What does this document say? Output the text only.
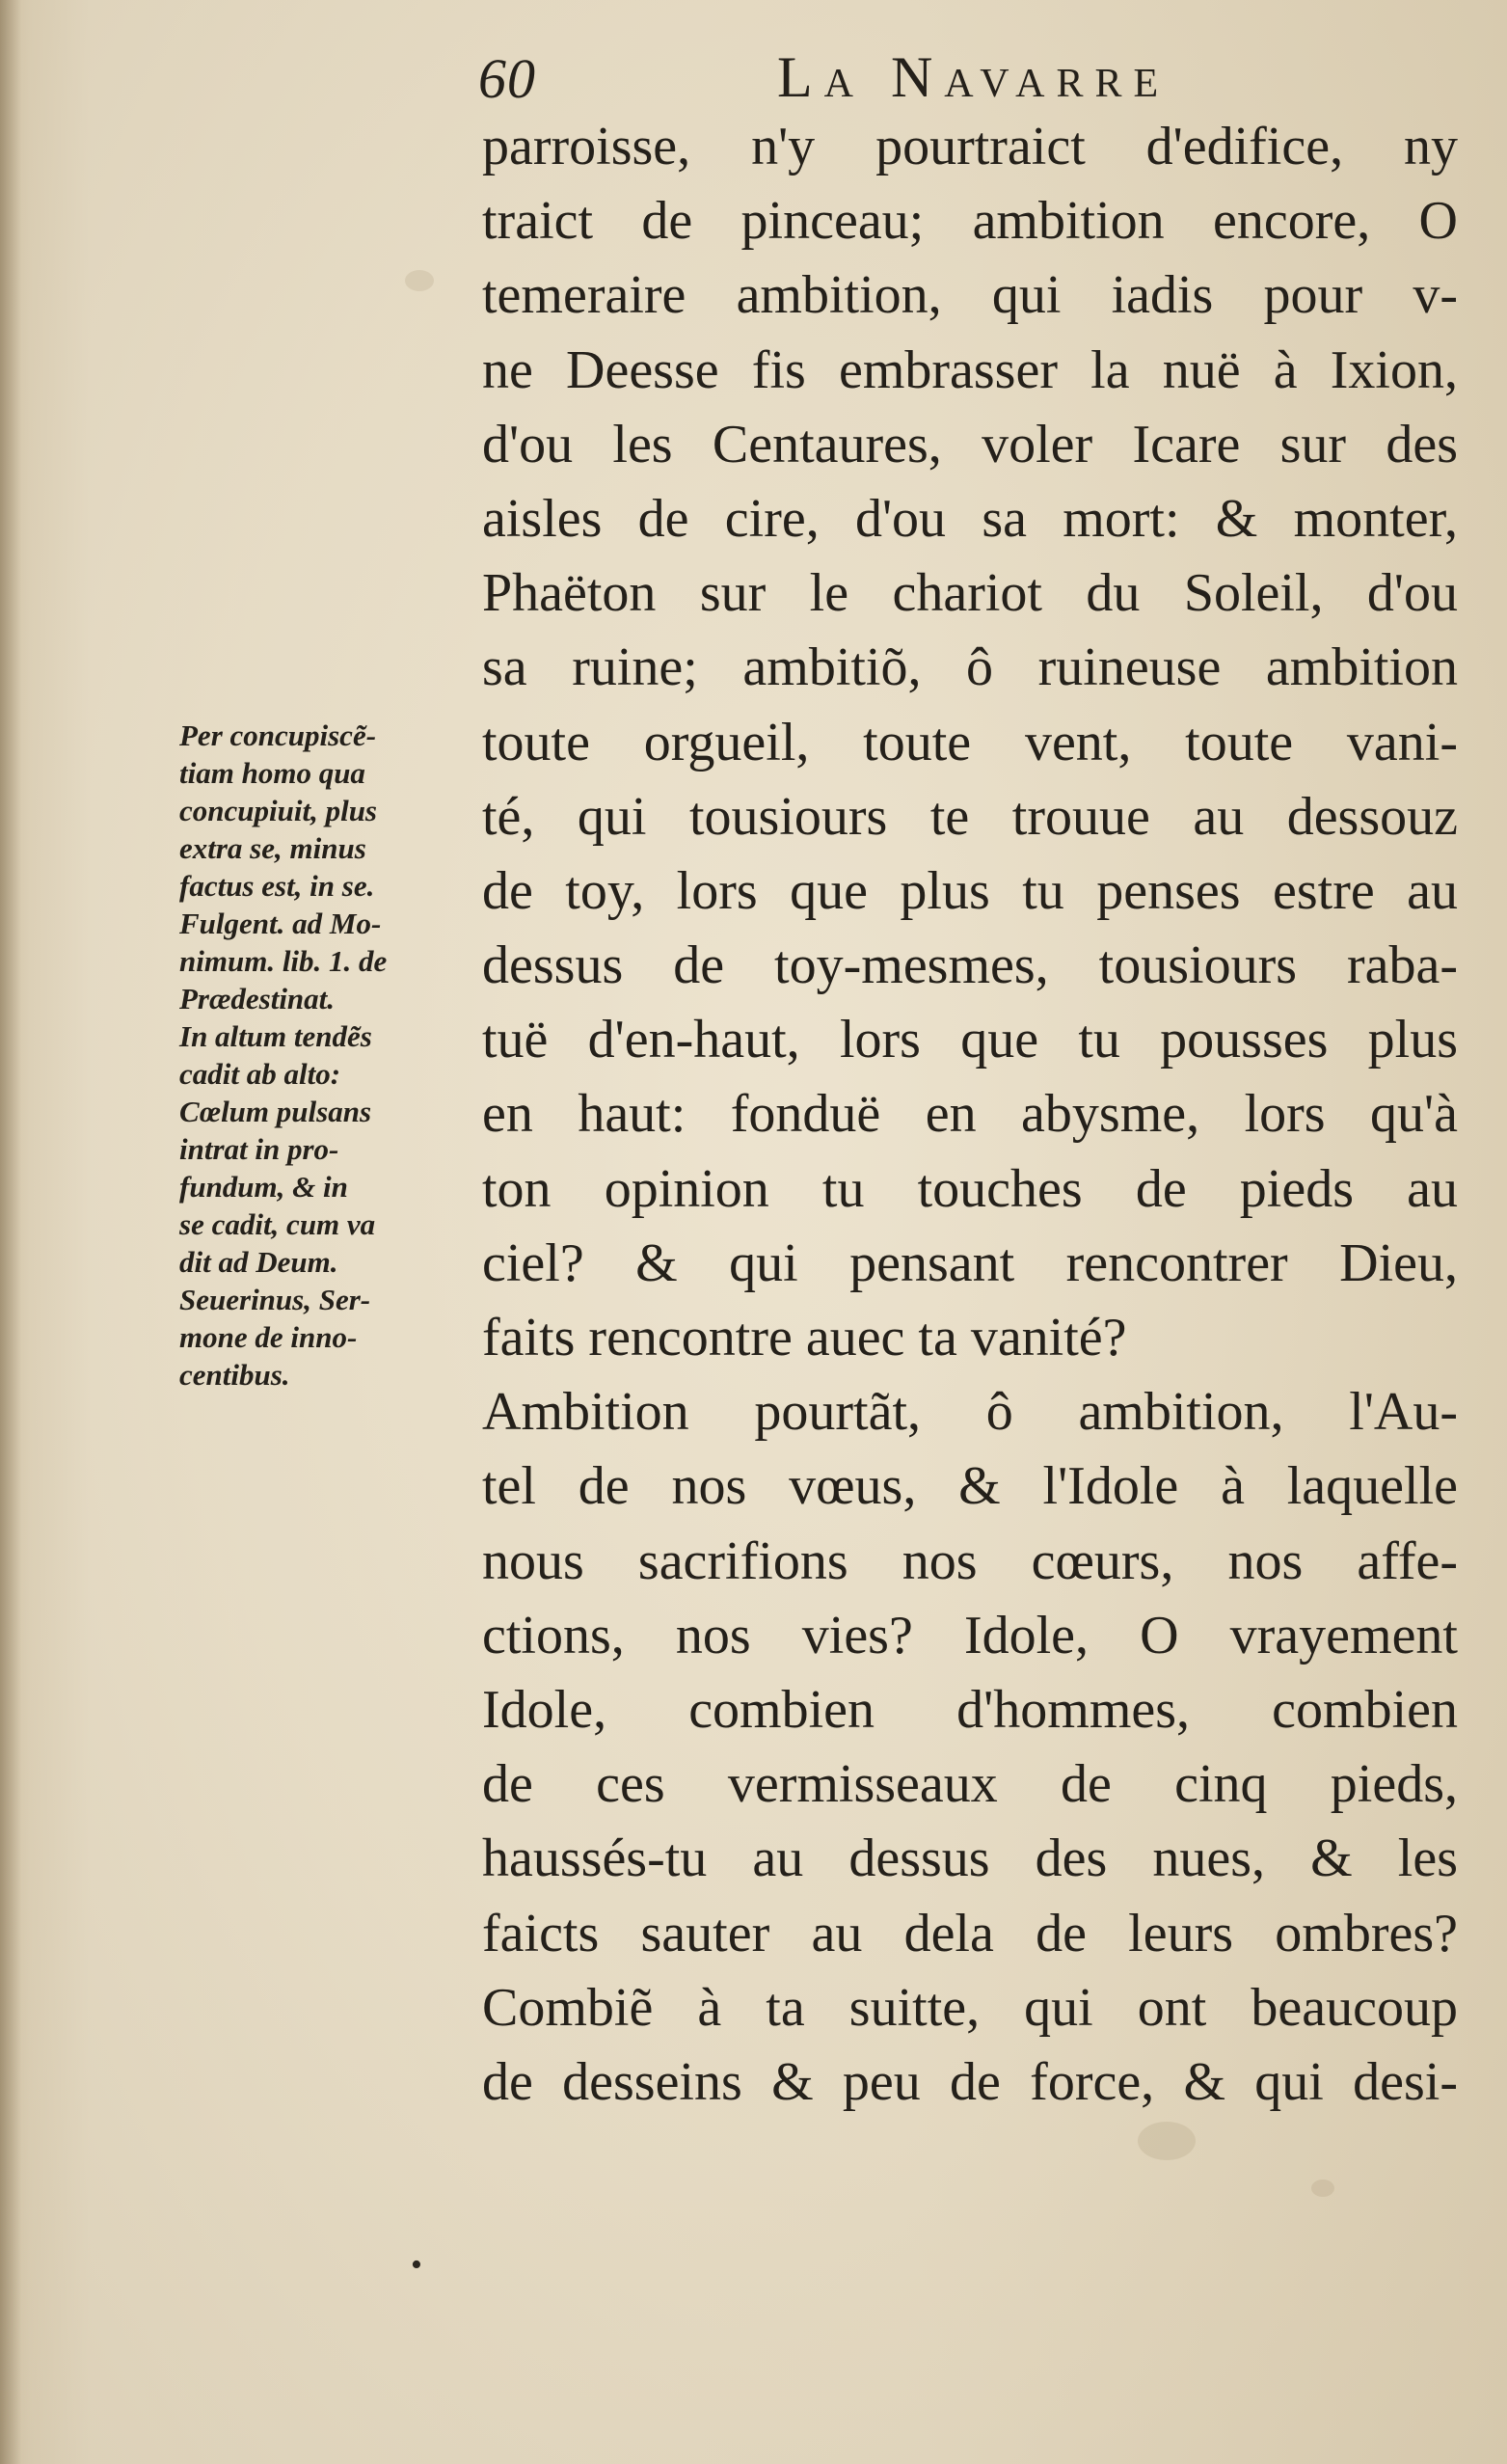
60	La Navarre
parroisse, n'y pourtraict d'edifice, ny
traict de pinceau; ambition encore, O
temeraire ambition, qui iadis pour v-
ne Deesse fis embrasser la nuë à Ixion,
d'ou les Centaures, voler Icare sur des
aisles de cire, d'ou sa mort: & monter,
Phaëton sur le chariot du Soleil, d'ou
sa ruine; ambitiõ, ô ruineuse ambition
toute orgueil, toute vent, toute vani-
té, qui tousiours te trouue au dessouz
de toy, lors que plus tu penses estre au
dessus de toy-mesmes, tousiours raba-
tuë d'en-haut, lors que tu pousses plus
en haut: fonduë en abysme, lors qu'à
ton opinion tu touches de pieds au
ciel? & qui pensant rencontrer Dieu,
faits rencontre auec ta vanité?
Ambition pourtãt, ô ambition, l'Au-
tel de nos vœus, & l'Idole à laquelle
nous sacrifions nos cœurs, nos affe-
ctions, nos vies? Idole, O vrayement
Idole, combien d'hommes, combien
de ces vermisseaux de cinq pieds,
haussés-tu au dessus des nues, & les
faicts sauter au dela de leurs ombres?
Combiẽ à ta suitte, qui ont beaucoup
de desseins & peu de force, & qui desi-
Per concupiscẽ-
tiam homo qua
concupiuit, plus
extra se, minus
factus est, in se.
Fulgent. ad Mo-
nimum. lib. 1. de
Prædestinat.
In altum tendẽs
cadit ab alto:
Cœlum pulsans
intrat in pro-
fundum, & in
se cadit, cum va
dit ad Deum.
Seuerinus, Ser-
mone de inno-
centibus.
•
